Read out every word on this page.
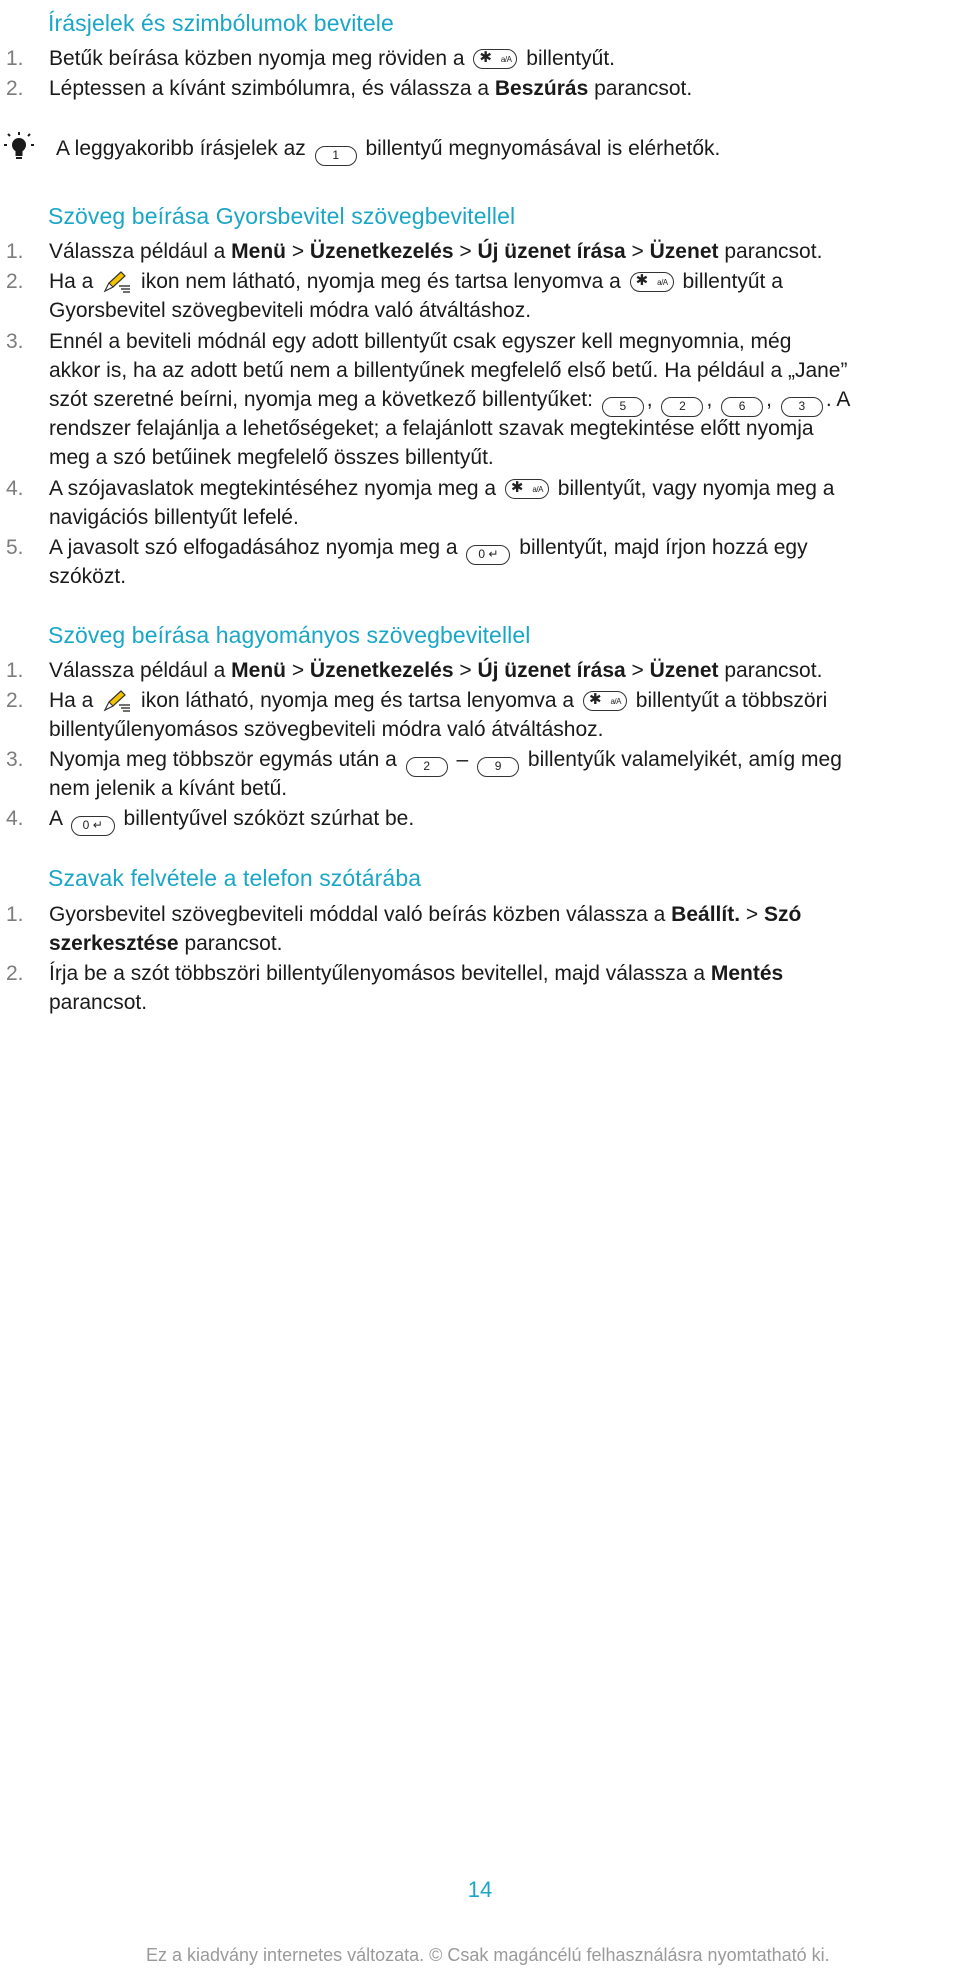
Írásjelek és szimbólumok bevitele
1. Betűk beírása közben nyomja meg röviden a ✱ a/A billentyűt.
2. Léptessen a kívánt szimbólumra, és válassza a Beszúrás parancsot.
A leggyakoribb írásjelek az 1 billentyű megnyomásával is elérhetők.
Szöveg beírása Gyorsbevitel szövegbevitellel
1. Válassza például a Menü > Üzenetkezelés > Új üzenet írása > Üzenet parancsot.
2. Ha a ikon nem látható, nyomja meg és tartsa lenyomva a ✱ a/A billentyűt a
Gyorsbevitel szövegbeviteli módra való átváltáshoz.
3. Ennél a beviteli módnál egy adott billentyűt csak egyszer kell megnyomnia, még
akkor is, ha az adott betű nem a billentyűnek megfelelő első betű. Ha például a „Jane”
szót szeretné beírni, nyomja meg a következő billentyűket: 5 , 2 , 6 , 3 . A
rendszer felajánlja a lehetőségeket; a felajánlott szavak megtekintése előtt nyomja
meg a szó betűinek megfelelő összes billentyűt.
4. A szójavaslatok megtekintéséhez nyomja meg a ✱ a/A billentyűt, vagy nyomja meg a
navigációs billentyűt lefelé.
5. A javasolt szó elfogadásához nyomja meg a 0 ↵ billentyűt, majd írjon hozzá egy
szóközt.
Szöveg beírása hagyományos szövegbevitellel
1. Válassza például a Menü > Üzenetkezelés > Új üzenet írása > Üzenet parancsot.
2. Ha a ikon látható, nyomja meg és tartsa lenyomva a ✱ a/A billentyűt a többszöri
billentyűlenyomásos szövegbeviteli módra való átváltáshoz.
3. Nyomja meg többször egymás után a 2 – 9 billentyűk valamelyikét, amíg meg
nem jelenik a kívánt betű.
4. A 0 ↵ billentyűvel szóközt szúrhat be.
Szavak felvétele a telefon szótárába
1. Gyorsbevitel szövegbeviteli móddal való beírás közben válassza a Beállít. > Szó
szerkesztése parancsot.
2. Írja be a szót többszöri billentyűlenyomásos bevitellel, majd válassza a Mentés
parancsot.
14
Ez a kiadvány internetes változata. © Csak magáncélú felhasználásra nyomtatható ki.
